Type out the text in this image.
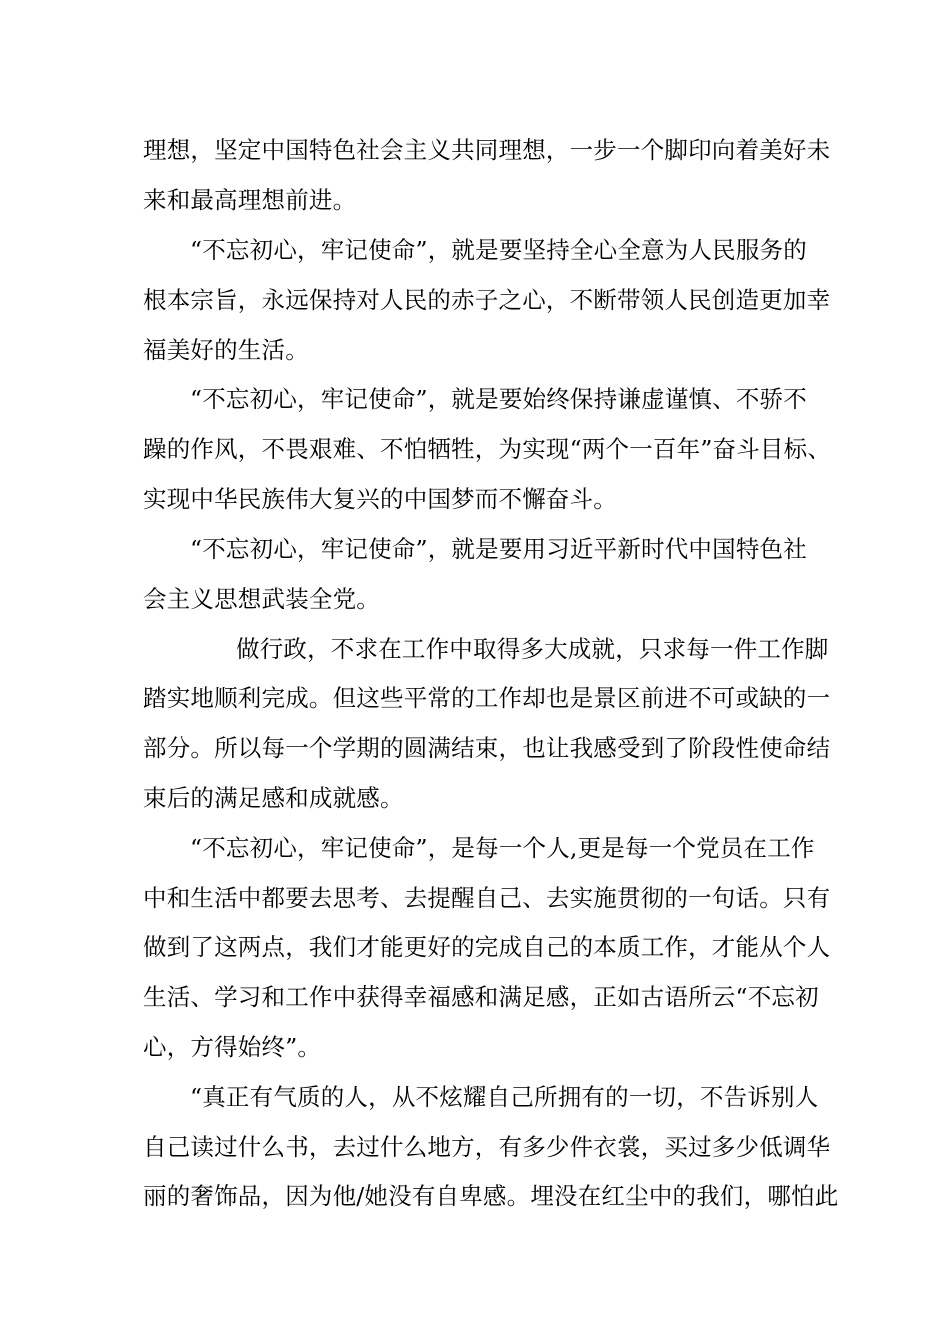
理想，坚定中国特色社会主义共同理想，一步一个脚印向着美好未
来和最高理想前进。
“不忘初心，牢记使命”，就是要坚持全心全意为人民服务的
根本宗旨，永远保持对人民的赤子之心，不断带领人民创造更加幸
福美好的生活。
“不忘初心，牢记使命”，就是要始终保持谦虚谨慎、不骄不
躁的作风，不畏艰难、不怕牺牲，为实现“两个一百年”奋斗目标、
实现中华民族伟大复兴的中国梦而不懈奋斗。
“不忘初心，牢记使命”，就是要用习近平新时代中国特色社
会主义思想武装全党。
做行政，不求在工作中取得多大成就，只求每一件工作脚
踏实地顺利完成。但这些平常的工作却也是景区前进不可或缺的一
部分。所以每一个学期的圆满结束，也让我感受到了阶段性使命结
束后的满足感和成就感。
“不忘初心，牢记使命”，是每一个人,更是每一个党员在工作
中和生活中都要去思考、去提醒自己、去实施贯彻的一句话。只有
做到了这两点，我们才能更好的完成自己的本质工作，才能从个人
生活、学习和工作中获得幸福感和满足感，正如古语所云“不忘初
心，方得始终”。
“真正有气质的人，从不炫耀自己所拥有的一切，不告诉别人
自己读过什么书，去过什么地方，有多少件衣裳，买过多少低调华
丽的奢饰品，因为他/她没有自卑感。埋没在红尘中的我们，哪怕此
